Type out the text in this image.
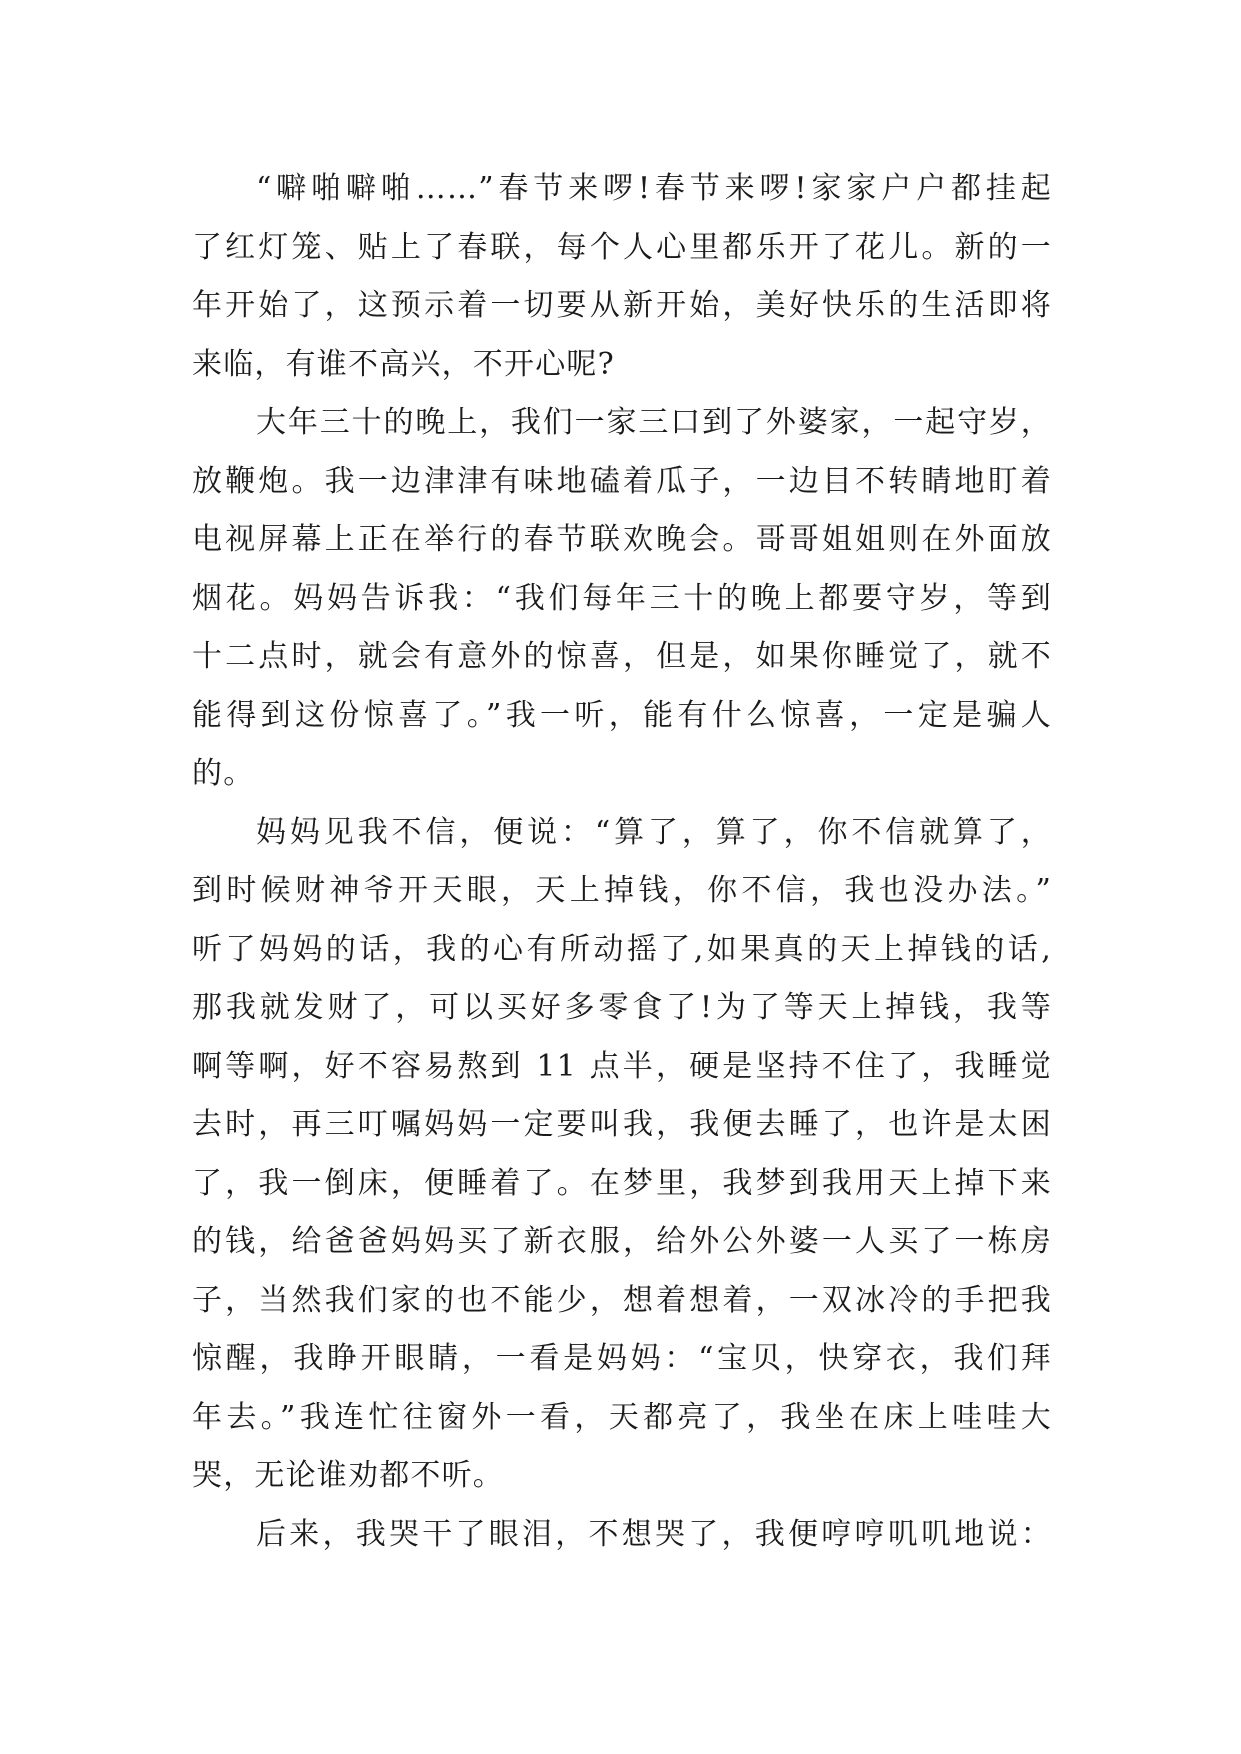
“噼啪噼啪……”春节来啰!春节来啰!家家户户都挂起
了红灯笼、贴上了春联，每个人心里都乐开了花儿。新的一
年开始了，这预示着一切要从新开始，美好快乐的生活即将
来临，有谁不高兴，不开心呢?
大年三十的晚上，我们一家三口到了外婆家，一起守岁，
放鞭炮。我一边津津有味地磕着瓜子，一边目不转睛地盯着
电视屏幕上正在举行的春节联欢晚会。哥哥姐姐则在外面放
烟花。妈妈告诉我：“我们每年三十的晚上都要守岁，等到
十二点时，就会有意外的惊喜，但是，如果你睡觉了，就不
能得到这份惊喜了。”我一听，能有什么惊喜，一定是骗人
的。
妈妈见我不信，便说：“算了，算了，你不信就算了，
到时候财神爷开天眼，天上掉钱，你不信，我也没办法。”
听了妈妈的话，我的心有所动摇了,如果真的天上掉钱的话,
那我就发财了，可以买好多零食了!为了等天上掉钱，我等
啊等啊，好不容易熬到 11 点半，硬是坚持不住了，我睡觉
去时，再三叮嘱妈妈一定要叫我，我便去睡了，也许是太困
了，我一倒床，便睡着了。在梦里，我梦到我用天上掉下来
的钱，给爸爸妈妈买了新衣服，给外公外婆一人买了一栋房
子，当然我们家的也不能少，想着想着，一双冰冷的手把我
惊醒，我睁开眼睛，一看是妈妈：“宝贝，快穿衣，我们拜
年去。”我连忙往窗外一看，天都亮了，我坐在床上哇哇大
哭，无论谁劝都不听。
后来，我哭干了眼泪，不想哭了，我便哼哼叽叽地说：
